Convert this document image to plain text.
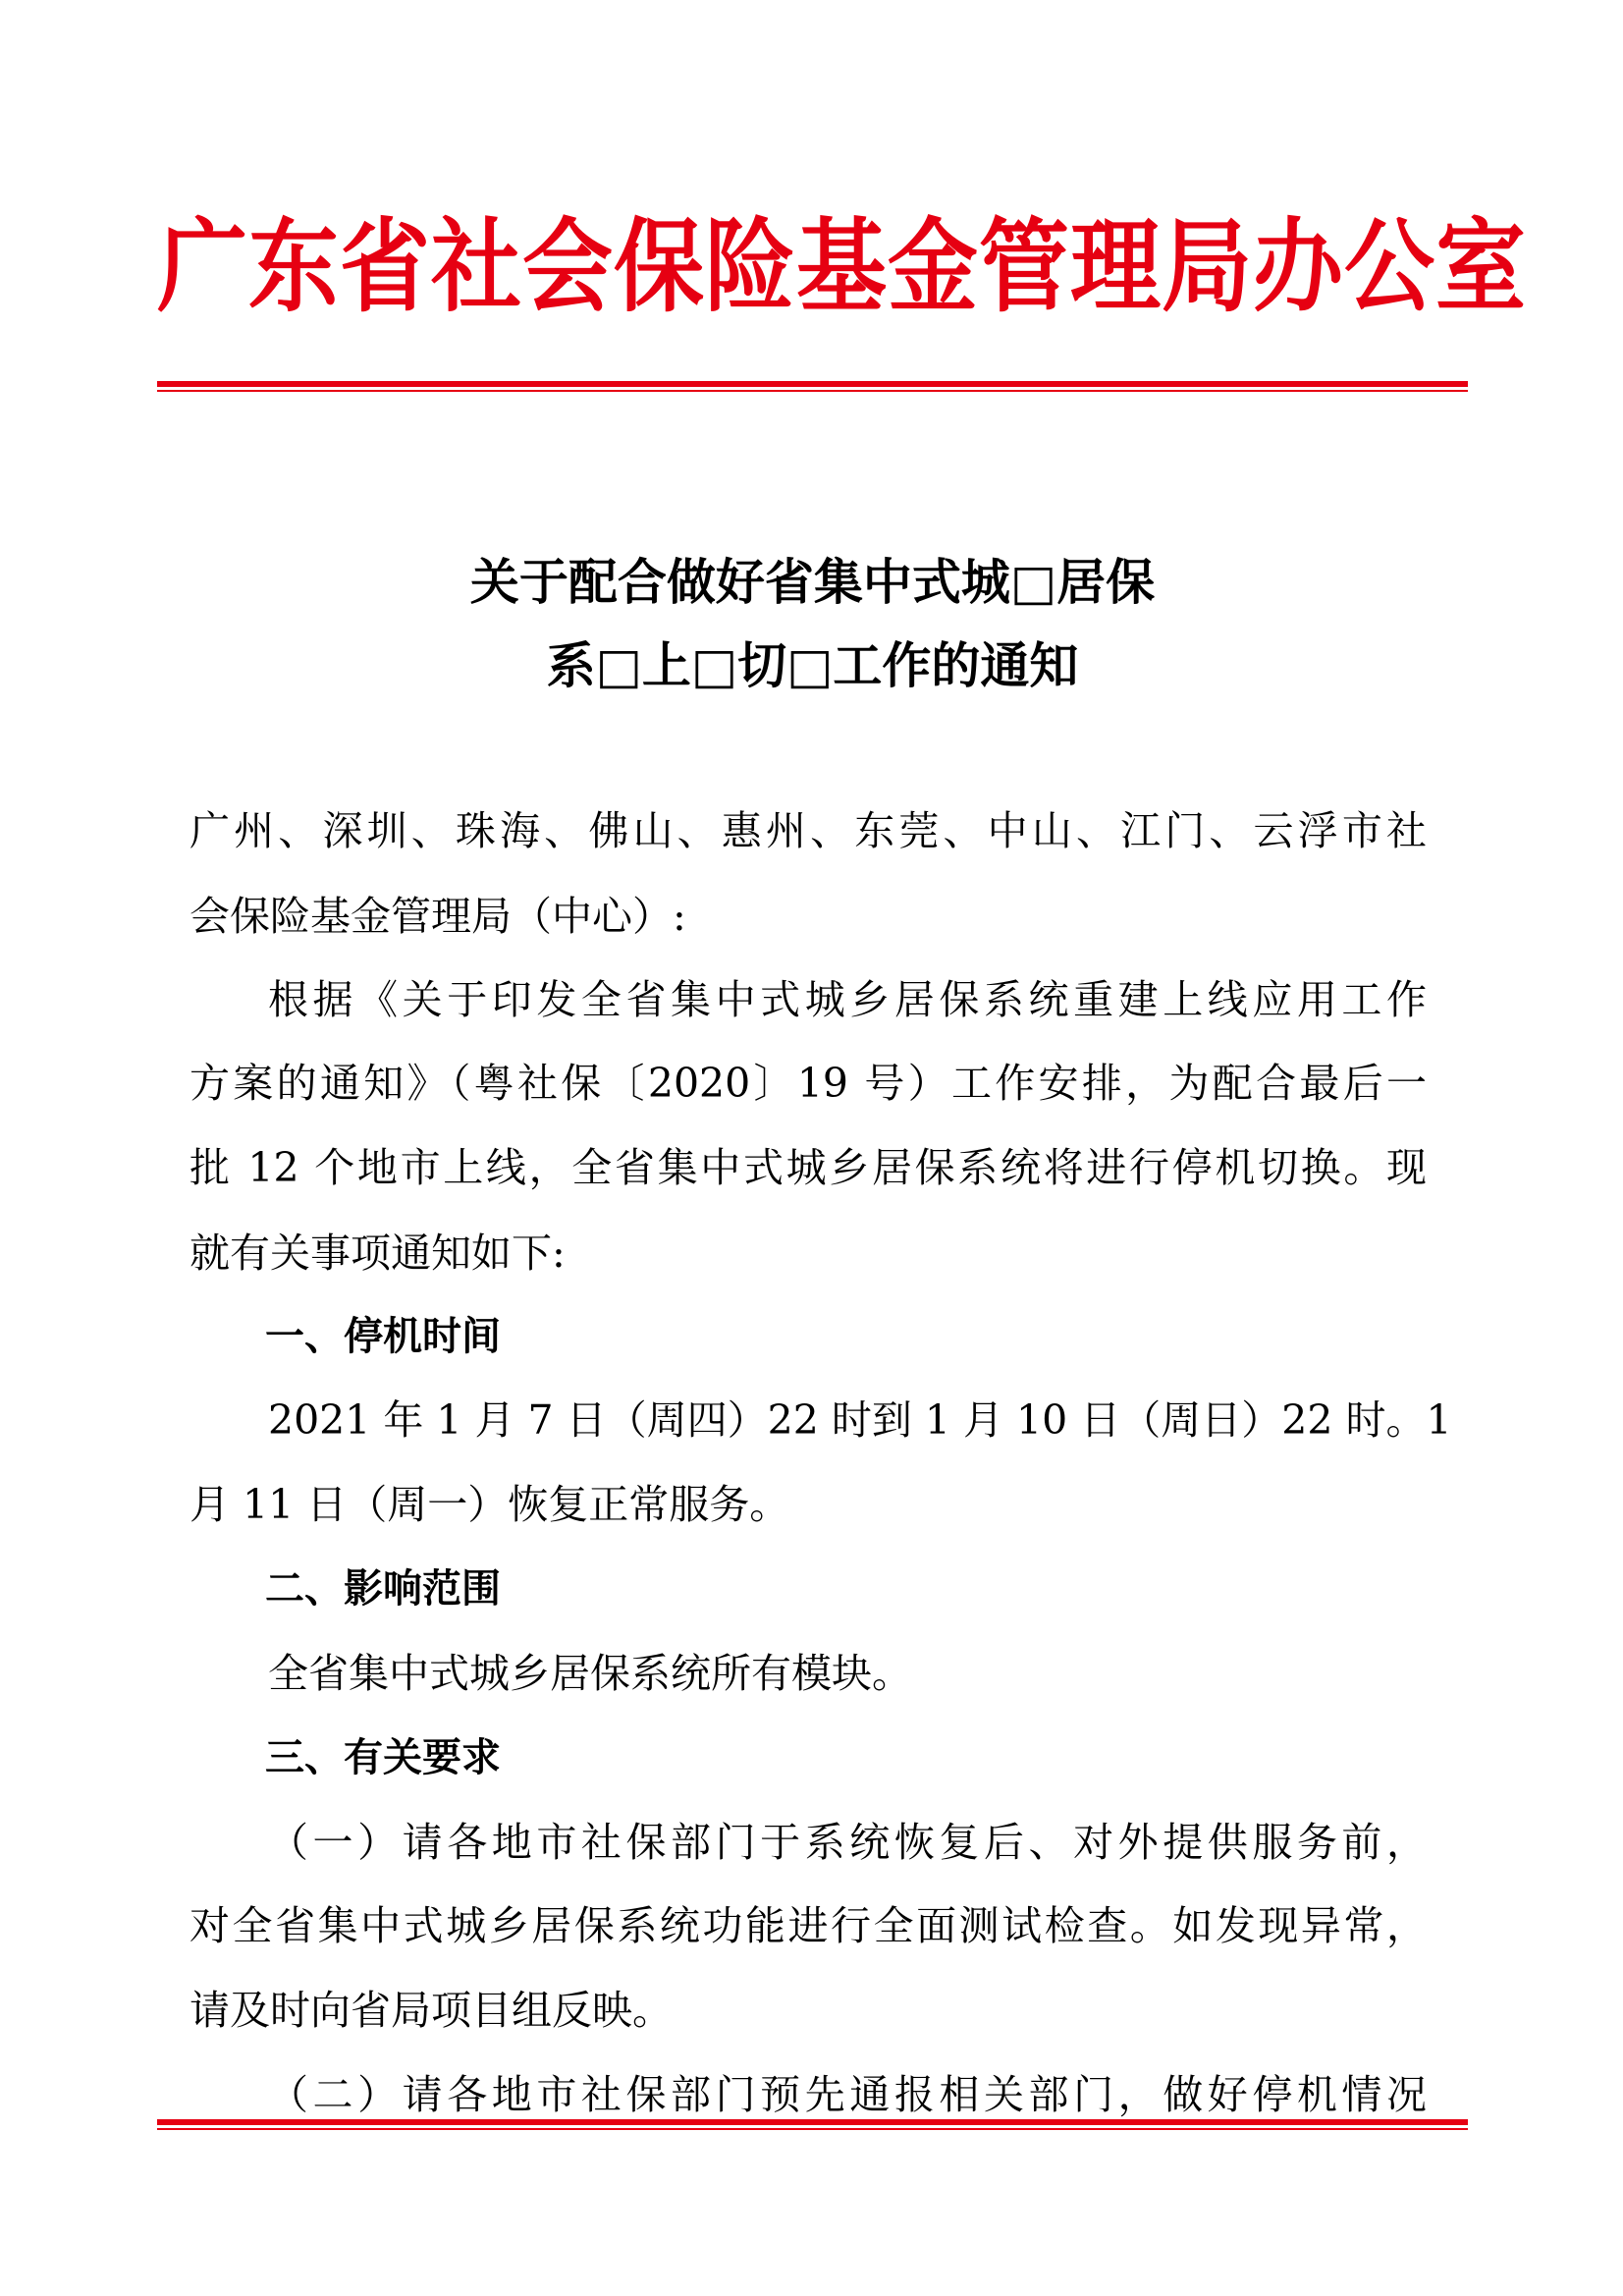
广东省社会保险基金管理局办公室
关于配合做好省集中式城□居保
系□上□切□工作的通知
广州、深圳、珠海、佛山、惠州、东莞、中山、江门、云浮市社
会保险基金管理局（中心）:
根据《关于印发全省集中式城乡居保系统重建上线应用工作
方案的通知》（粤社保〔2020〕19 号）工作安排，为配合最后一
批 12 个地市上线，全省集中式城乡居保系统将进行停机切换。现
就有关事项通知如下:
一、停机时间
2021 年 1 月 7 日（周四）22 时到 1 月 10 日（周日）22 时。1
月 11 日（周一）恢复正常服务。
二、影响范围
全省集中式城乡居保系统所有模块。
三、有关要求
（一）请各地市社保部门于系统恢复后、对外提供服务前，
对全省集中式城乡居保系统功能进行全面测试检查。如发现异常，
请及时向省局项目组反映。
（二）请各地市社保部门预先通报相关部门，做好停机情况
